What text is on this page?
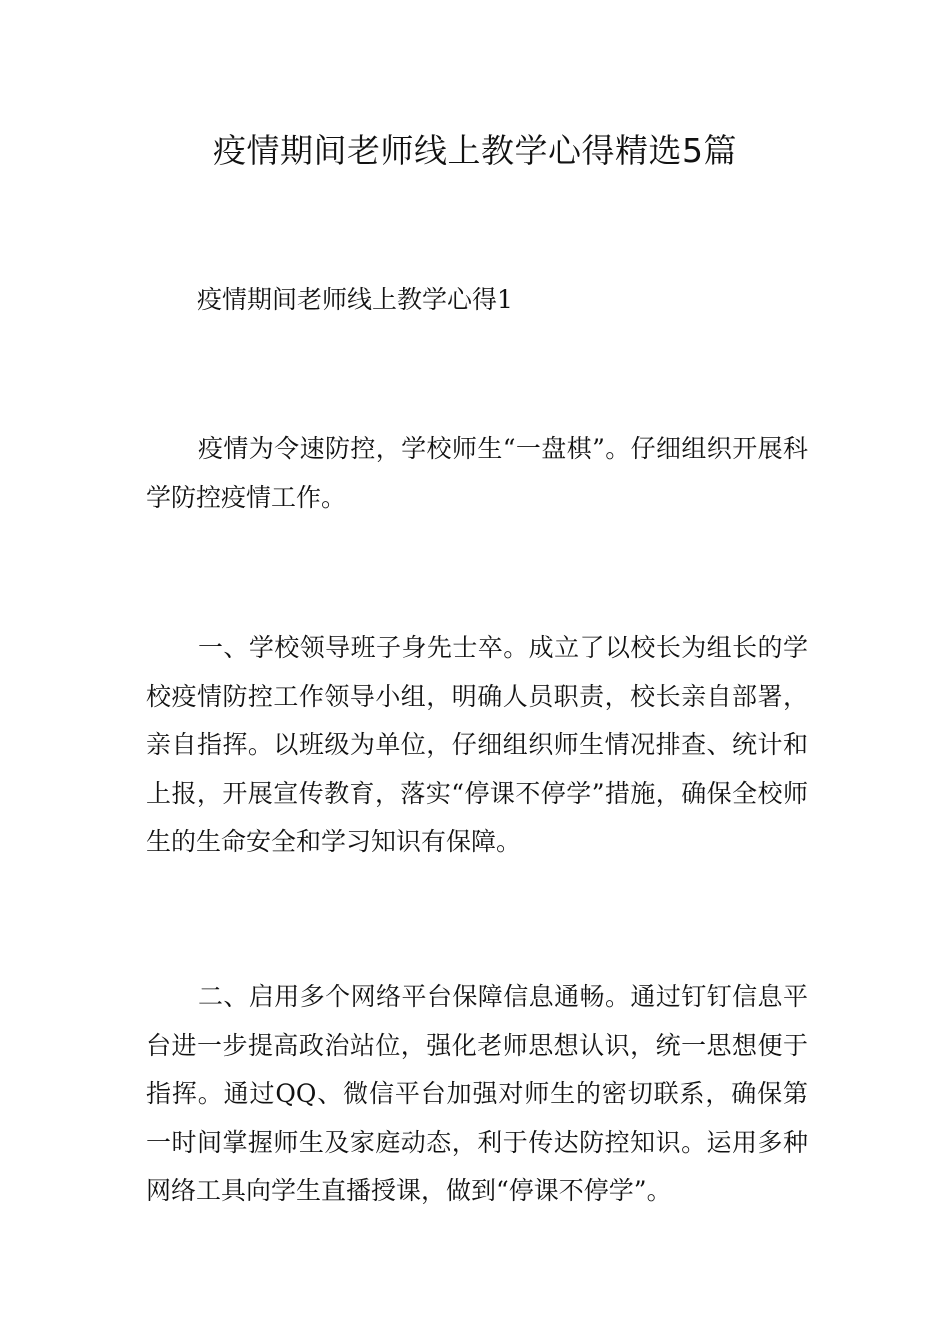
疫情期间老师线上教学心得精选5篇
疫情期间老师线上教学心得1

疫情为令速防控，学校师生“一盘棋”。仔细组织开展科学防控疫情工作。

一、学校领导班子身先士卒。成立了以校长为组长的学校疫情防控工作领导小组，明确人员职责，校长亲自部署，亲自指挥。以班级为单位，仔细组织师生情况排查、统计和上报，开展宣传教育，落实“停课不停学”措施，确保全校师生的生命安全和学习知识有保障。

二、启用多个网络平台保障信息通畅。通过钉钉信息平台进一步提高政治站位，强化老师思想认识，统一思想便于指挥。通过QQ、微信平台加强对师生的密切联系，确保第一时间掌握师生及家庭动态，利于传达防控知识。运用多种网络工具向学生直播授课，做到“停课不停学”。
